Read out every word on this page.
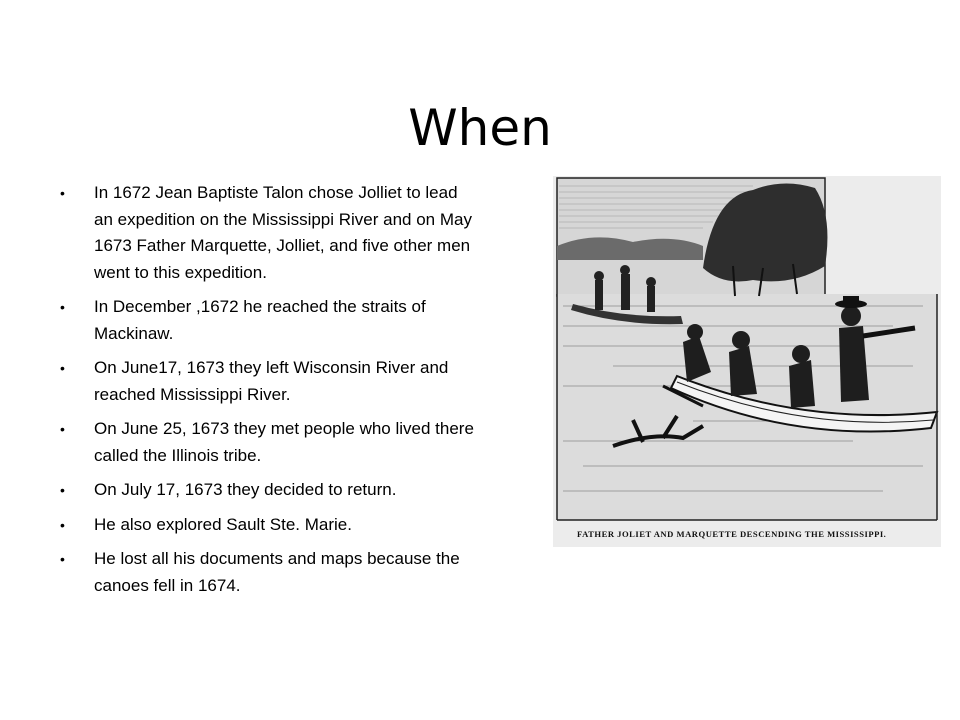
When
• In 1672 Jean Baptiste Talon chose Jolliet to lead an expedition on the Mississippi River and on May 1673 Father Marquette, Jolliet, and five other men went to this expedition.
• In December ,1672 he reached the straits of Mackinaw.
• On June17, 1673 they left Wisconsin River and reached Mississippi River.
• On June 25, 1673 they met people who lived there called the Illinois tribe.
• On July 17, 1673 they decided to return.
• He also explored Sault Ste. Marie.
• He lost all his documents and maps because the canoes fell in 1674.
FATHER JOLIET AND MARQUETTE DESCENDING THE MISSISSIPPI.
